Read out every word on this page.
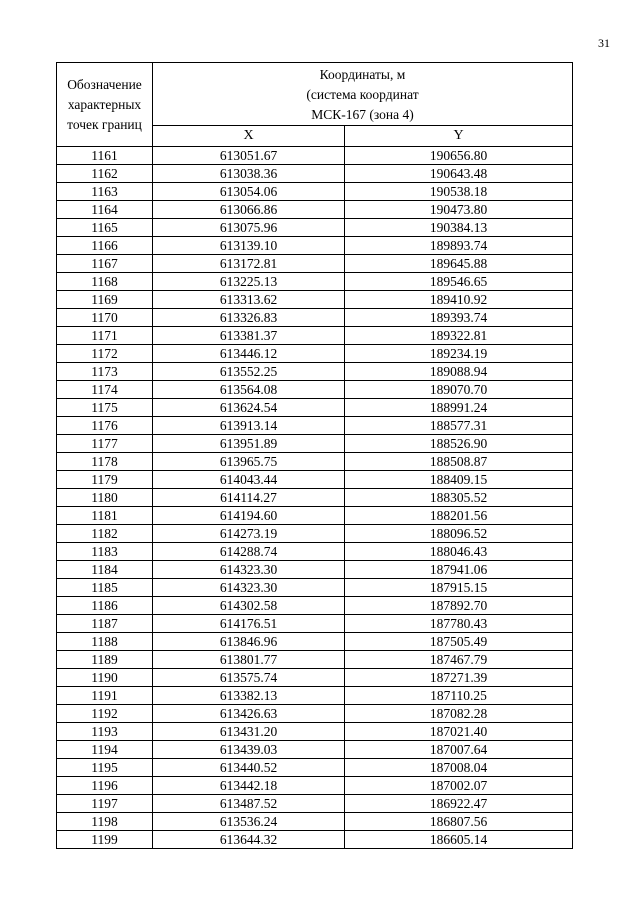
31
Обозначение
характерных
точек границ	Координаты, м
(система координат
МСК-167 (зона 4)	

	X	Y
1161	613051.67	190656.80
1162	613038.36	190643.48
1163	613054.06	190538.18
1164	613066.86	190473.80
1165	613075.96	190384.13
1166	613139.10	189893.74
1167	613172.81	189645.88
1168	613225.13	189546.65
1169	613313.62	189410.92
1170	613326.83	189393.74
1171	613381.37	189322.81
1172	613446.12	189234.19
1173	613552.25	189088.94
1174	613564.08	189070.70
1175	613624.54	188991.24
1176	613913.14	188577.31
1177	613951.89	188526.90
1178	613965.75	188508.87
1179	614043.44	188409.15
1180	614114.27	188305.52
1181	614194.60	188201.56
1182	614273.19	188096.52
1183	614288.74	188046.43
1184	614323.30	187941.06
1185	614323.30	187915.15
1186	614302.58	187892.70
1187	614176.51	187780.43
1188	613846.96	187505.49
1189	613801.77	187467.79
1190	613575.74	187271.39
1191	613382.13	187110.25
1192	613426.63	187082.28
1193	613431.20	187021.40
1194	613439.03	187007.64
1195	613440.52	187008.04
1196	613442.18	187002.07
1197	613487.52	186922.47
1198	613536.24	186807.56
1199	613644.32	186605.14
